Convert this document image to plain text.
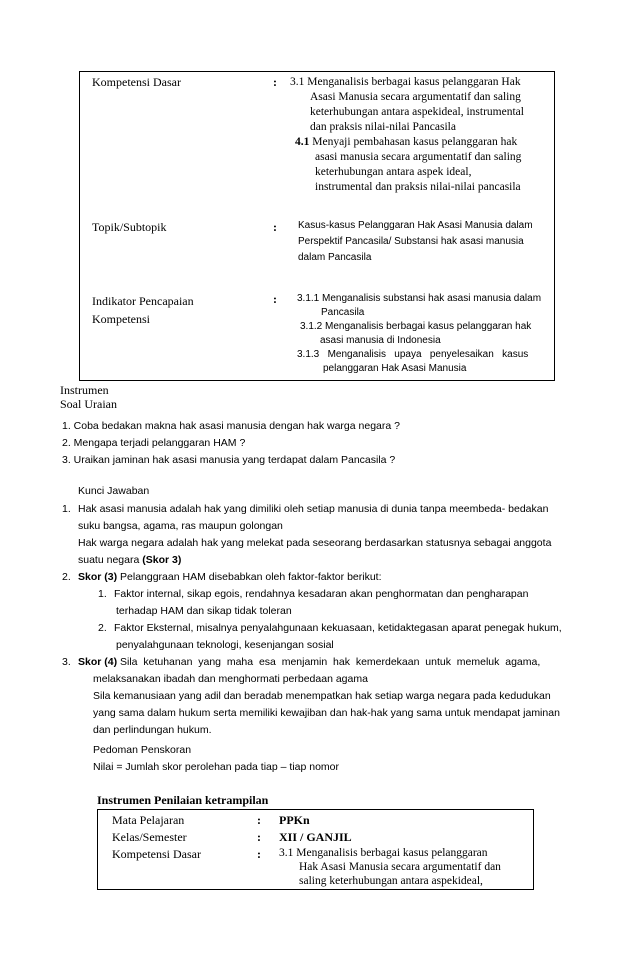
Kompetensi Dasar	: 3.1 Menganalisis berbagai kasus pelanggaran Hak
Asasi Manusia secara argumentatif dan saling
keterhubungan antara aspekideal, instrumental
dan praksis nilai-nilai Pancasila
4.1 Menyaji pembahasan kasus pelanggaran hak
asasi manusia secara argumentatif dan saling
keterhubungan antara aspek ideal,
instrumental dan praksis nilai-nilai pancasila
Topik/Subtopik	: Kasus-kasus Pelanggaran Hak Asasi Manusia dalam
Perspektif Pancasila/ Substansi hak asasi manusia
dalam Pancasila
Indikator Pencapaian
Kompetensi
: 3.1.1 Menganalisis substansi hak asasi manusia dalam
Pancasila
3.1.2 Menganalisis berbagai kasus pelanggaran hak
asasi manusia di Indonesia
3.1.3   Menganalisis   upaya   penyelesaikan   kasus
pelanggaran Hak Asasi Manusia
Instrumen
Soal Uraian
1. Coba bedakan makna hak asasi manusia dengan hak warga negara ?
2. Mengapa terjadi pelanggaran HAM ?
3. Uraikan jaminan hak asasi manusia yang terdapat dalam Pancasila ?
Kunci Jawaban
1. Hak asasi manusia adalah hak yang dimiliki oleh setiap manusia di dunia tanpa meembeda- bedakan
suku bangsa, agama, ras maupun golongan
Hak warga negara adalah hak yang melekat pada seseorang berdasarkan statusnya sebagai anggota
suatu negara (Skor 3)
2. Skor (3) Pelanggraan HAM disebabkan oleh faktor-faktor berikut:
1. Faktor internal, sikap egois, rendahnya kesadaran akan penghormatan dan pengharapan
terhadap HAM dan sikap tidak toleran
2. Faktor Eksternal, misalnya penyalahgunaan kekuasaan, ketidaktegasan aparat penegak hukum,
penyalahgunaan teknologi, kesenjangan sosial
3. Skor (4) Sila  ketuhanan  yang  maha  esa  menjamin  hak  kemerdekaan  untuk  memeluk  agama,
melaksanakan ibadah dan menghormati perbedaan agama
Sila kemanusiaan yang adil dan beradab menempatkan hak setiap warga negara pada kedudukan
yang sama dalam hukum serta memiliki kewajiban dan hak-hak yang sama untuk mendapat jaminan
dan perlindungan hukum.
Pedoman Penskoran
Nilai = Jumlah skor perolehan pada tiap – tiap nomor
Instrumen Penilaian ketrampilan
Mata Pelajaran	: PPKn
Kelas/Semester	: XII / GANJIL
Kompetensi Dasar	: 3.1 Menganalisis berbagai kasus pelanggaran
Hak Asasi Manusia secara argumentatif dan
saling keterhubungan antara aspekideal,
